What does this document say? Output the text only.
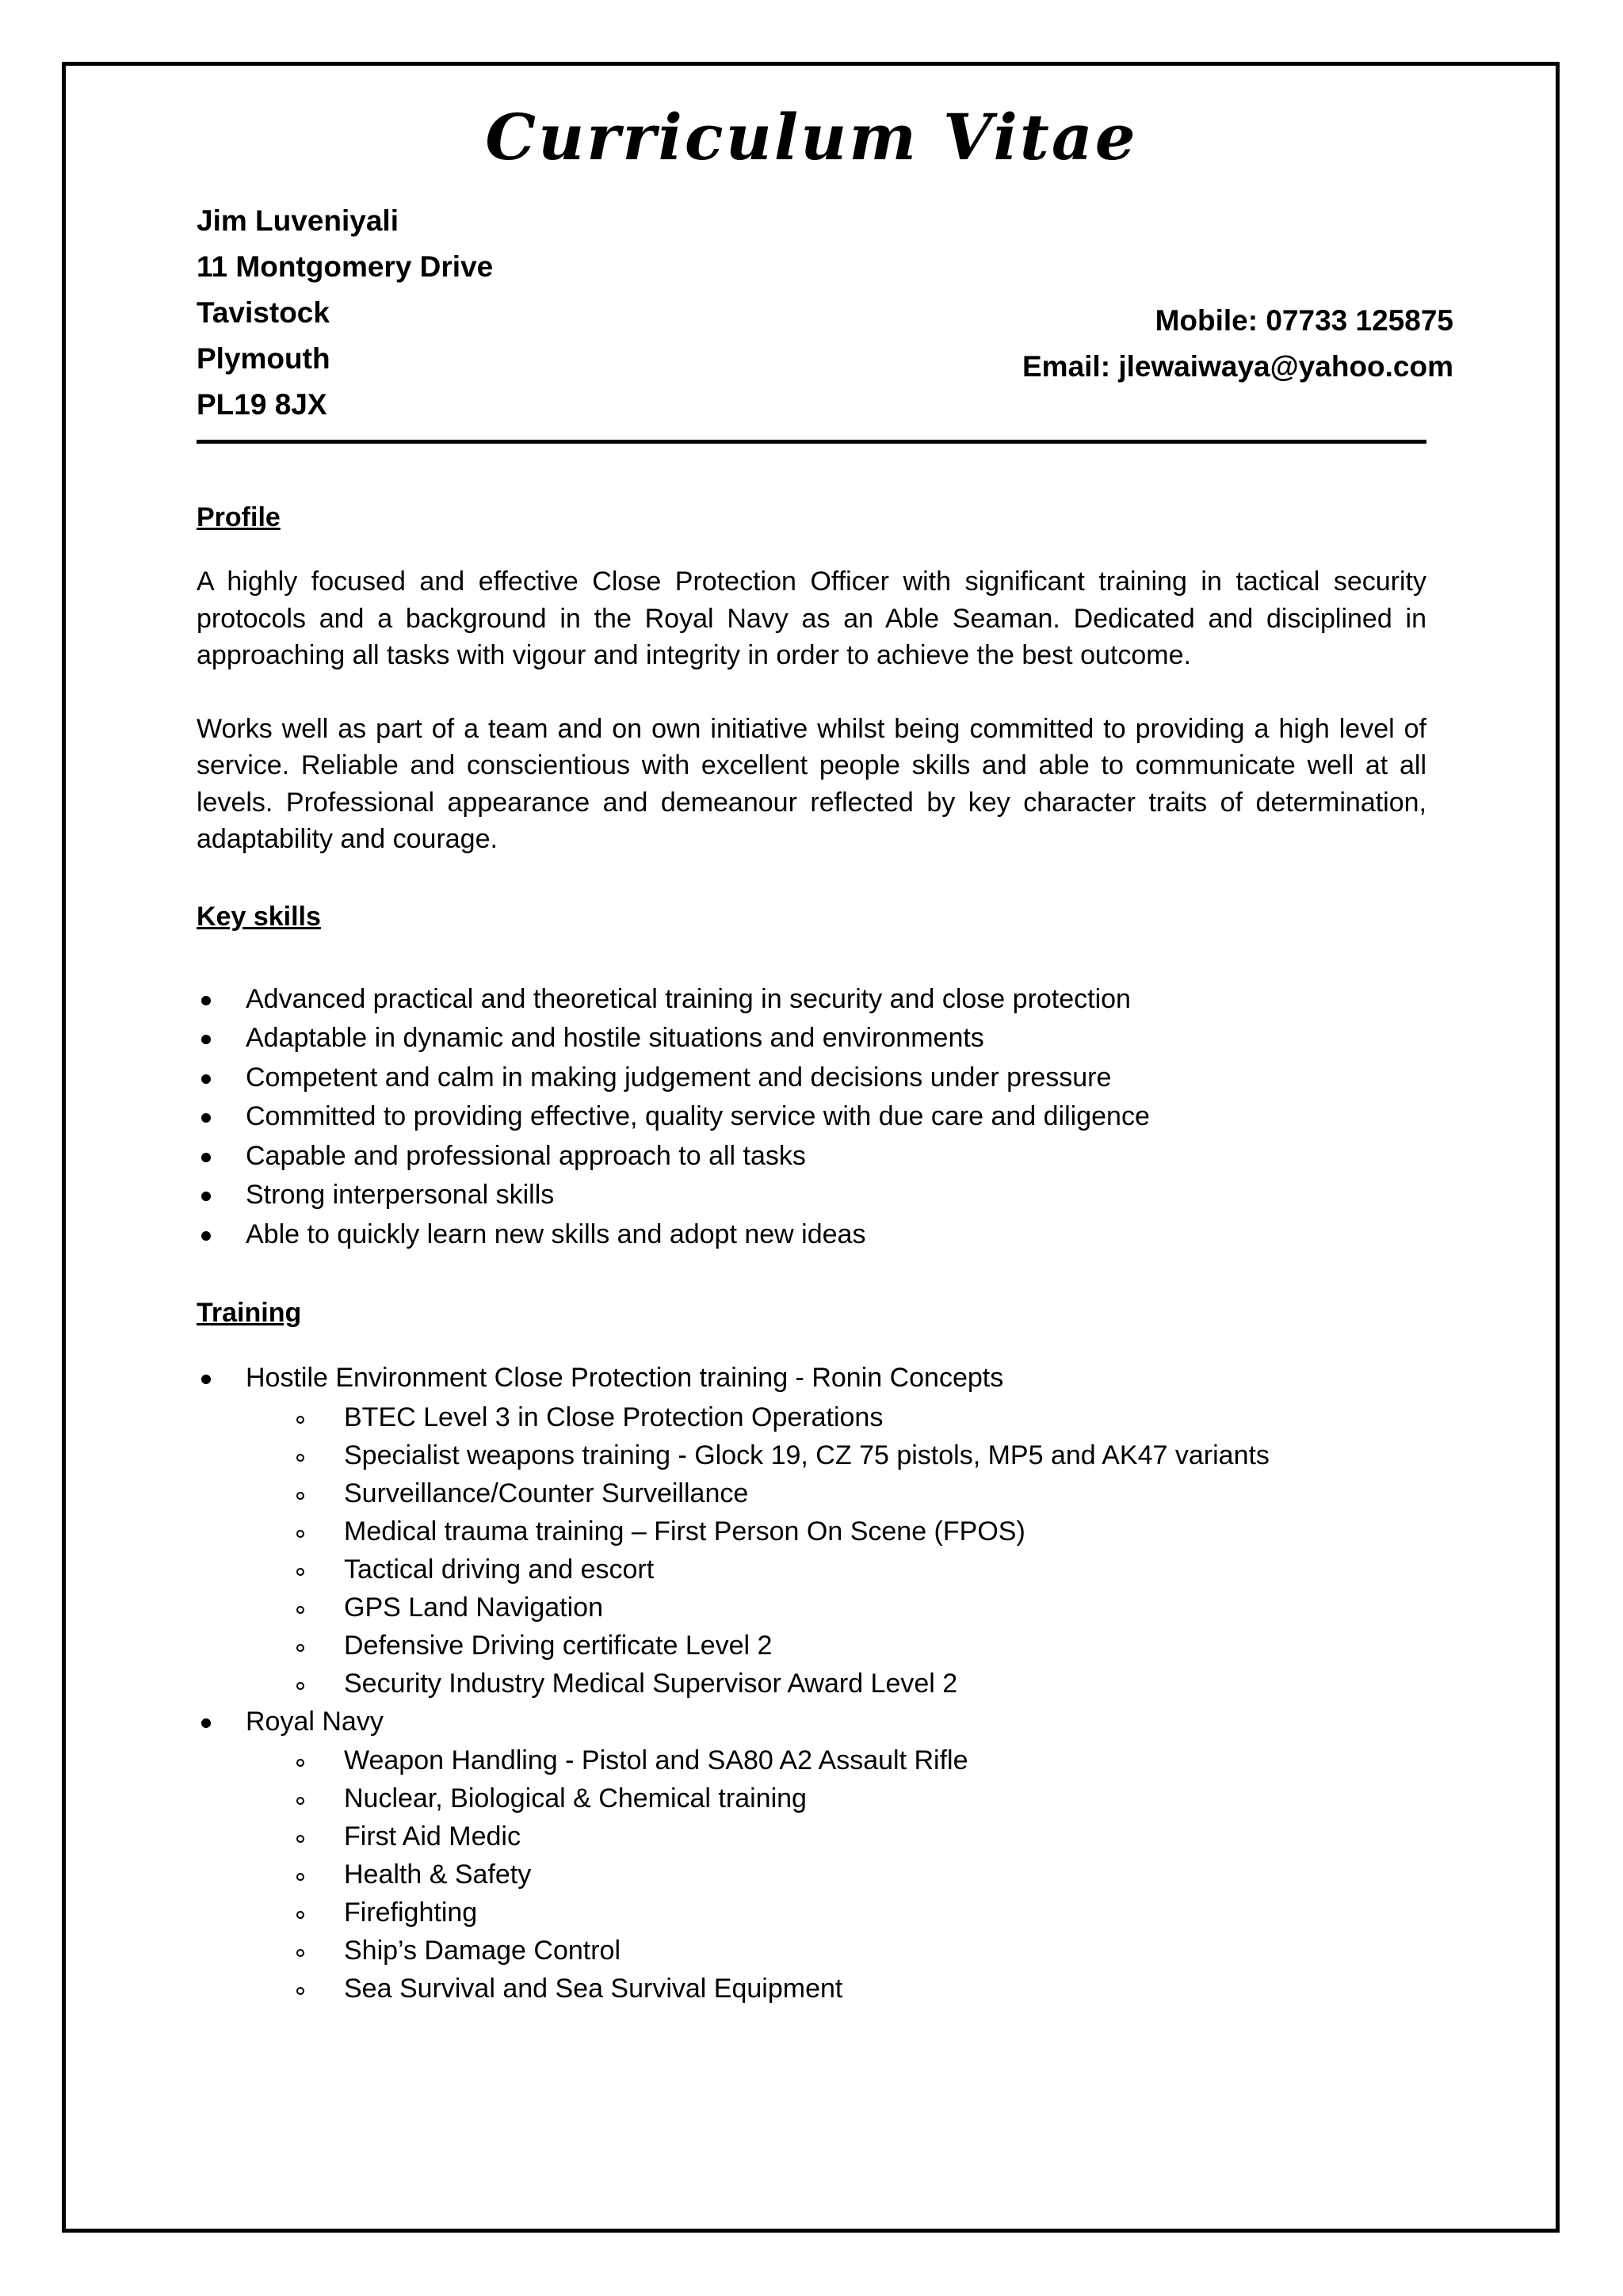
Curriculum Vitae
Jim Luveniyali
11 Montgomery Drive
Tavistock
Plymouth
PL19 8JX
Mobile: 07733 125875
Email: jlewaiwaya@yahoo.com

Profile

A highly focused and effective Close Protection Officer with significant training in tactical security protocols and a background in the Royal Navy as an Able Seaman. Dedicated and disciplined in approaching all tasks with vigour and integrity in order to achieve the best outcome.

Works well as part of a team and on own initiative whilst being committed to providing a high level of service. Reliable and conscientious with excellent people skills and able to communicate well at all levels. Professional appearance and demeanour reflected by key character traits of determination, adaptability and courage.

Key skills

Advanced practical and theoretical training in security and close protection
Adaptable in dynamic and hostile situations and environments
Competent and calm in making judgement and decisions under pressure
Committed to providing effective, quality service with due care and diligence
Capable and professional approach to all tasks
Strong interpersonal skills
Able to quickly learn new skills and adopt new ideas

Training

Hostile Environment Close Protection training - Ronin Concepts
BTEC Level 3 in Close Protection Operations
Specialist weapons training - Glock 19, CZ 75 pistols, MP5 and AK47 variants
Surveillance/Counter Surveillance
Medical trauma training – First Person On Scene (FPOS)
Tactical driving and escort
GPS Land Navigation
Defensive Driving certificate Level 2
Security Industry Medical Supervisor Award Level 2
Royal Navy
Weapon Handling - Pistol and SA80 A2 Assault Rifle
Nuclear, Biological & Chemical training
First Aid Medic
Health & Safety
Firefighting
Ship’s Damage Control
Sea Survival and Sea Survival Equipment
